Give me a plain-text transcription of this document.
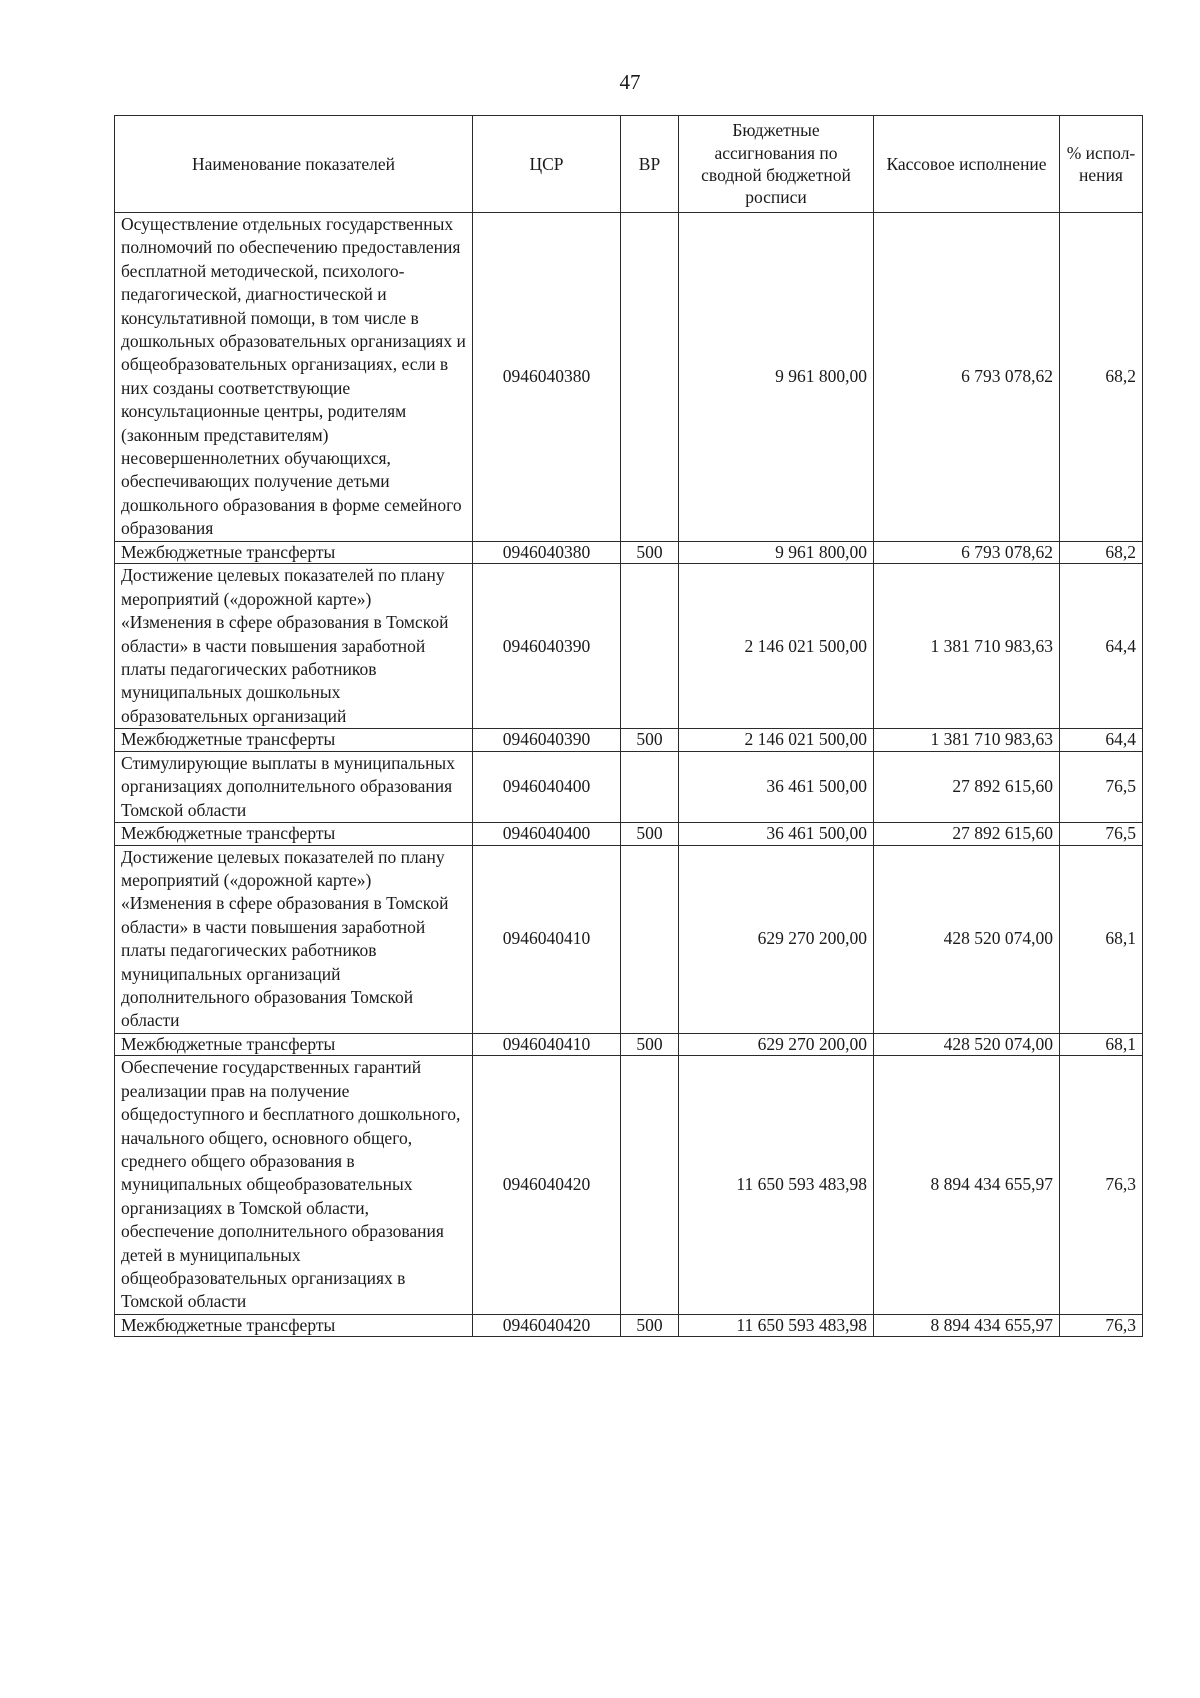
47
Наименование показателей	ЦСР	ВР	Бюджетные ассигнования по сводной бюджетной росписи	Кассовое исполнение	% испол-нения
Осуществление отдельных государственных полномочий по обеспечению предоставления бесплатной методической, психолого-педагогической, диагностической и консультативной помощи, в том числе в дошкольных образовательных организациях и общеобразовательных организациях, если в них созданы соответствующие консультационные центры, родителям (законным представителям) несовершеннолетних обучающихся, обеспечивающих получение детьми дошкольного образования в форме семейного образования	0946040380		9 961 800,00	6 793 078,62	68,2
Межбюджетные трансферты	0946040380	500	9 961 800,00	6 793 078,62	68,2
Достижение целевых показателей по плану мероприятий («дорожной карте») «Изменения в сфере образования в Томской области» в части повышения заработной платы педагогических работников муниципальных дошкольных образовательных организаций	0946040390		2 146 021 500,00	1 381 710 983,63	64,4
Межбюджетные трансферты	0946040390	500	2 146 021 500,00	1 381 710 983,63	64,4
Стимулирующие выплаты в муниципальных организациях дополнительного образования Томской области	0946040400		36 461 500,00	27 892 615,60	76,5
Межбюджетные трансферты	0946040400	500	36 461 500,00	27 892 615,60	76,5
Достижение целевых показателей по плану мероприятий («дорожной карте») «Изменения в сфере образования в Томской области» в части повышения заработной платы педагогических работников муниципальных организаций дополнительного образования Томской области	0946040410		629 270 200,00	428 520 074,00	68,1
Межбюджетные трансферты	0946040410	500	629 270 200,00	428 520 074,00	68,1
Обеспечение государственных гарантий реализации прав на получение общедоступного и бесплатного дошкольного, начального общего, основного общего, среднего общего образования в муниципальных общеобразовательных организациях в Томской области, обеспечение дополнительного образования детей в муниципальных общеобразовательных организациях в Томской области	0946040420		11 650 593 483,98	8 894 434 655,97	76,3
Межбюджетные трансферты	0946040420	500	11 650 593 483,98	8 894 434 655,97	76,3
